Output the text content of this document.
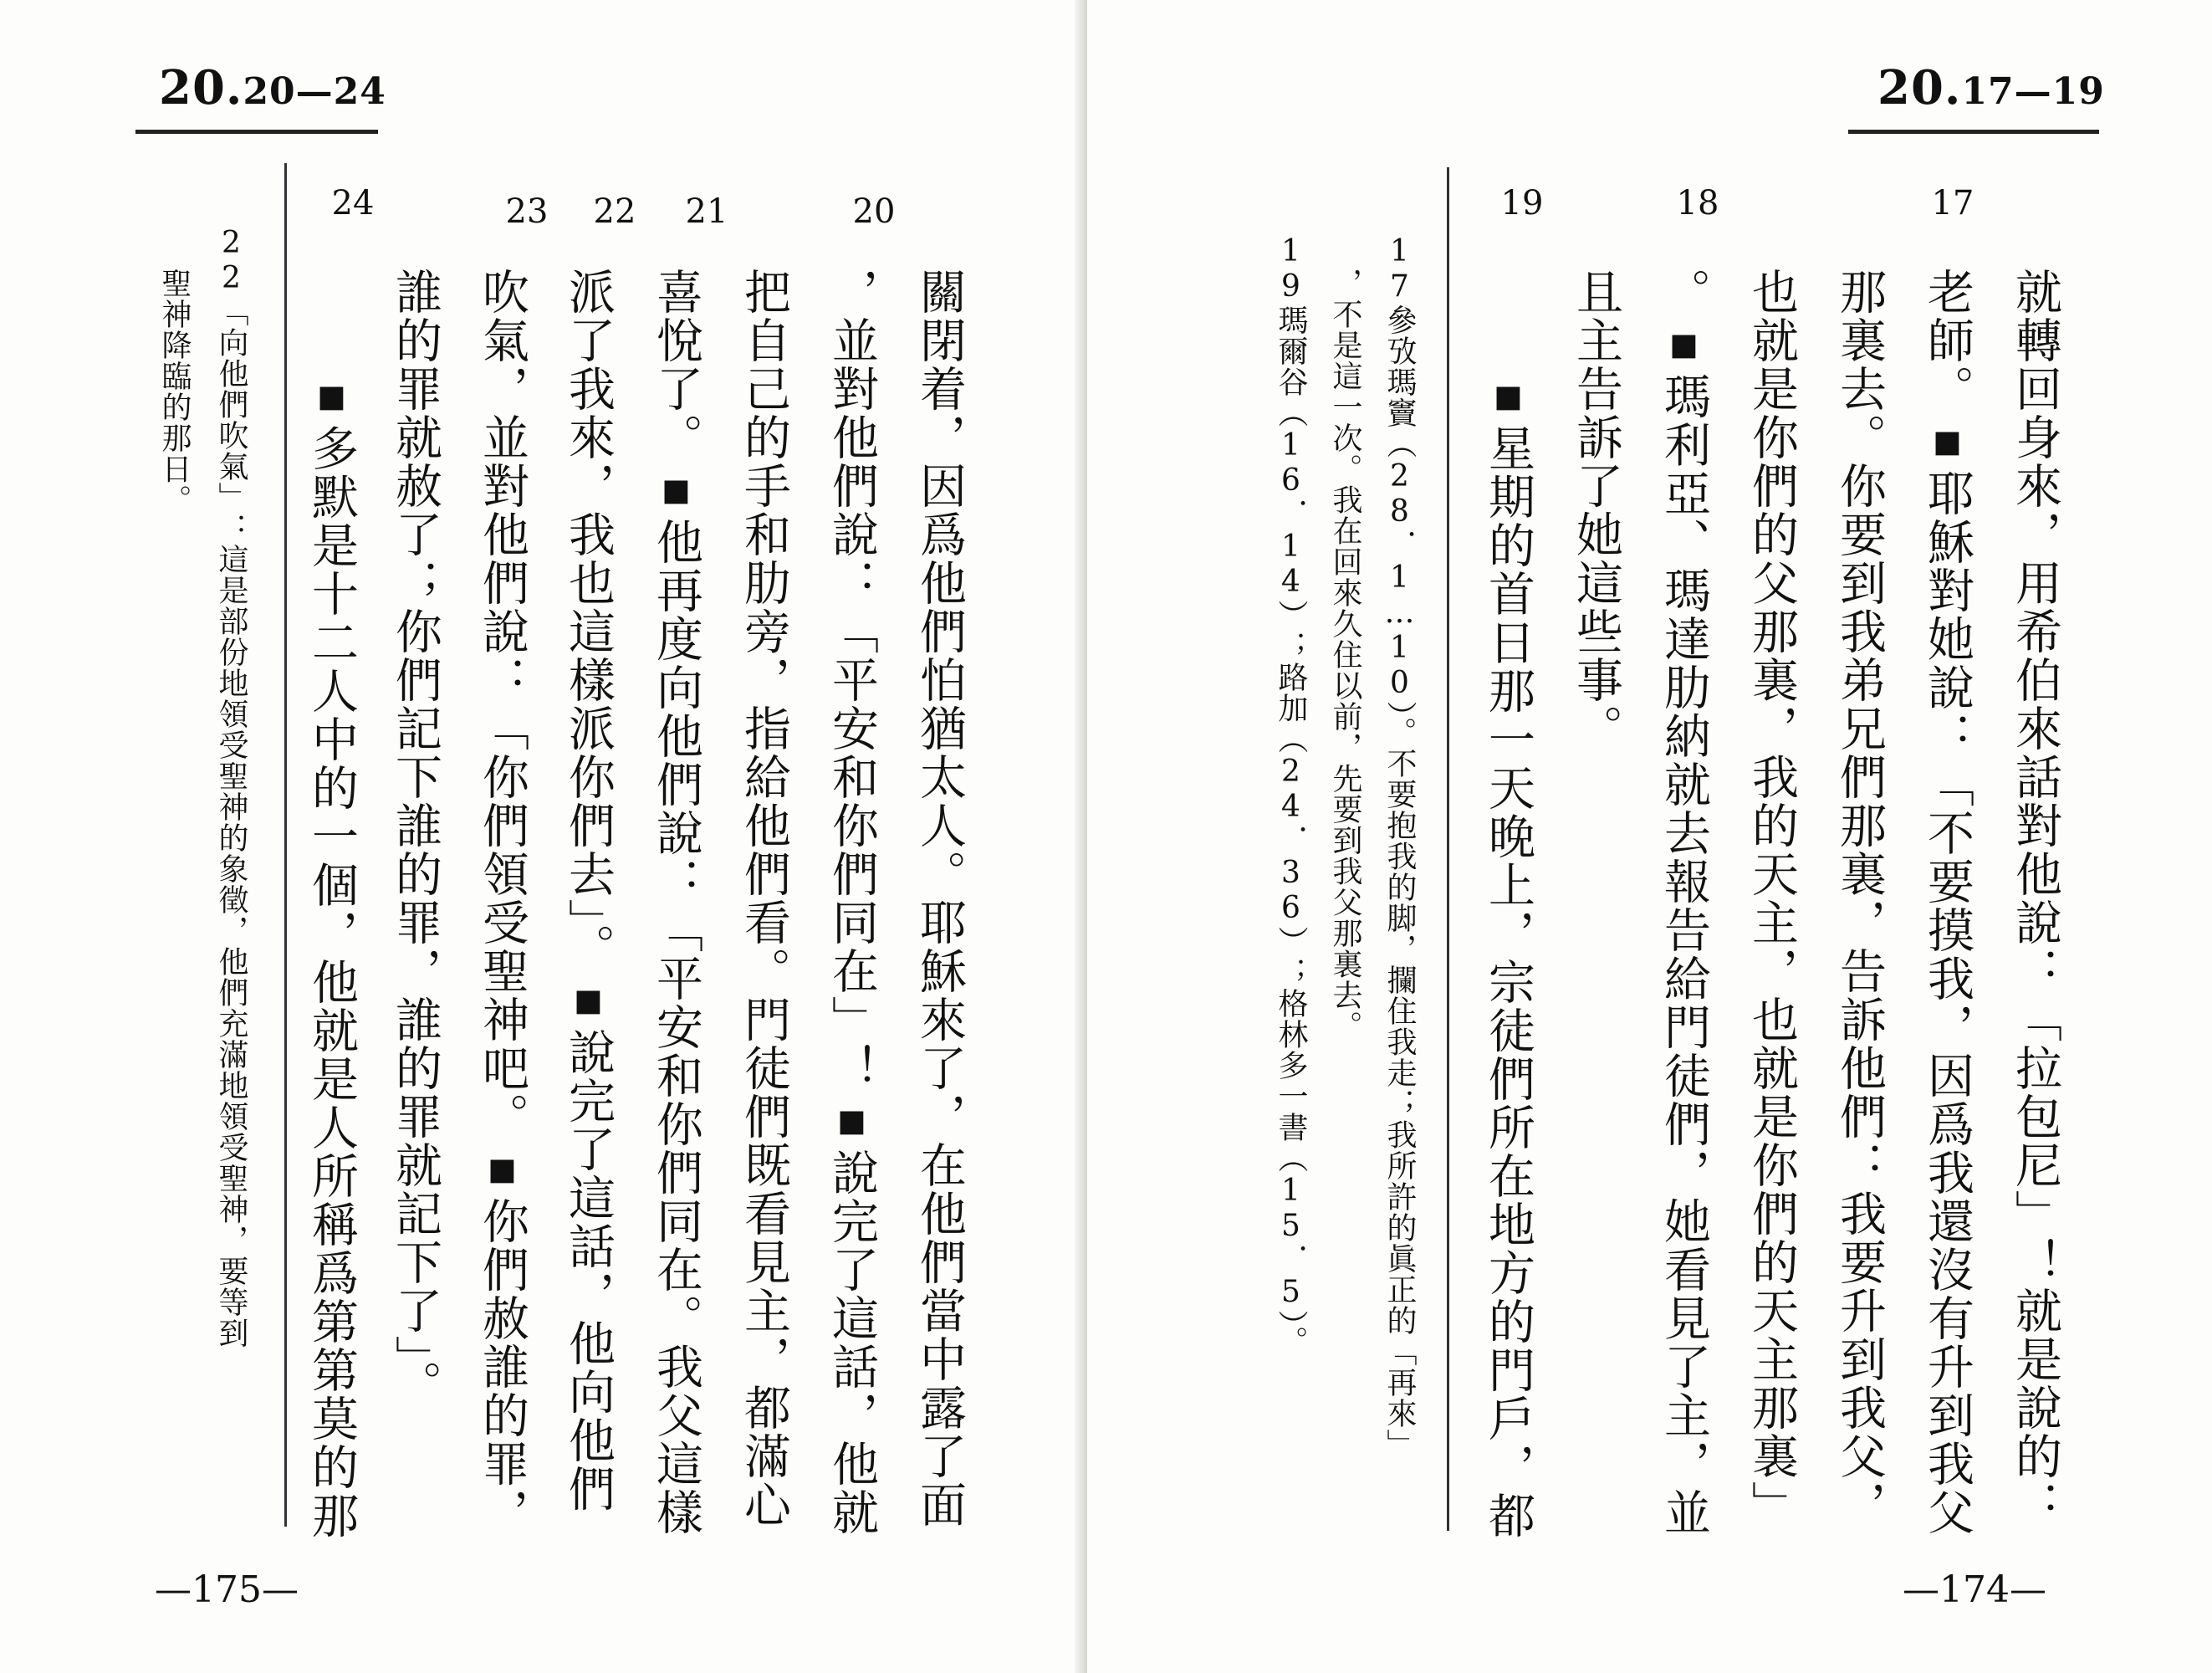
20.20—24
20
21
22
23
24
關閉着，因爲他們怕猶太人。耶穌來了，在他們當中露了面
，並對他們說：「平安和你們同在」！▪說完了這話，他就
把自己的手和肋旁，指給他們看。門徒們既看見主，都滿心
喜悅了。▪他再度向他們說：「平安和你們同在。我父這樣
派了我來，我也這樣派你們去」。▪說完了這話，他向他們
吹氣，並對他們說：「你們領受聖神吧。▪你們赦誰的罪，
誰的罪就赦了；你們記下誰的罪，誰的罪就記下了」。
▪多默是十二人中的一個，他就是人所稱爲第第莫的那
22「向他們吹氣」：這是部份地領受聖神的象徵，他們充滿地領受聖神，要等到
聖神降臨的那日。
—175—
20.17—19
17
18
19
就轉回身來，用希伯來話對他說：「拉包尼」！就是說的：
老師。▪耶穌對她說：「不要摸我，因爲我還沒有升到我父
那裏去。你要到我弟兄們那裏，告訴他們：我要升到我父，
也就是你們的父那裏，我的天主，也就是你們的天主那裏」
。▪瑪利亞、瑪達肋納就去報告給門徒們，她看見了主，並
且主告訴了她這些事。
▪星期的首日那一天晚上，宗徒們所在地方的門戶，都
17參攷瑪竇（28．1…10）。不要抱我的脚，攔住我走；我所許的眞正的「再來」
，不是這一次。我在回來久住以前，先要到我父那裏去。
19瑪爾谷（16．14）；路加（24．36）；格林多一書（15．5）。
—174—
